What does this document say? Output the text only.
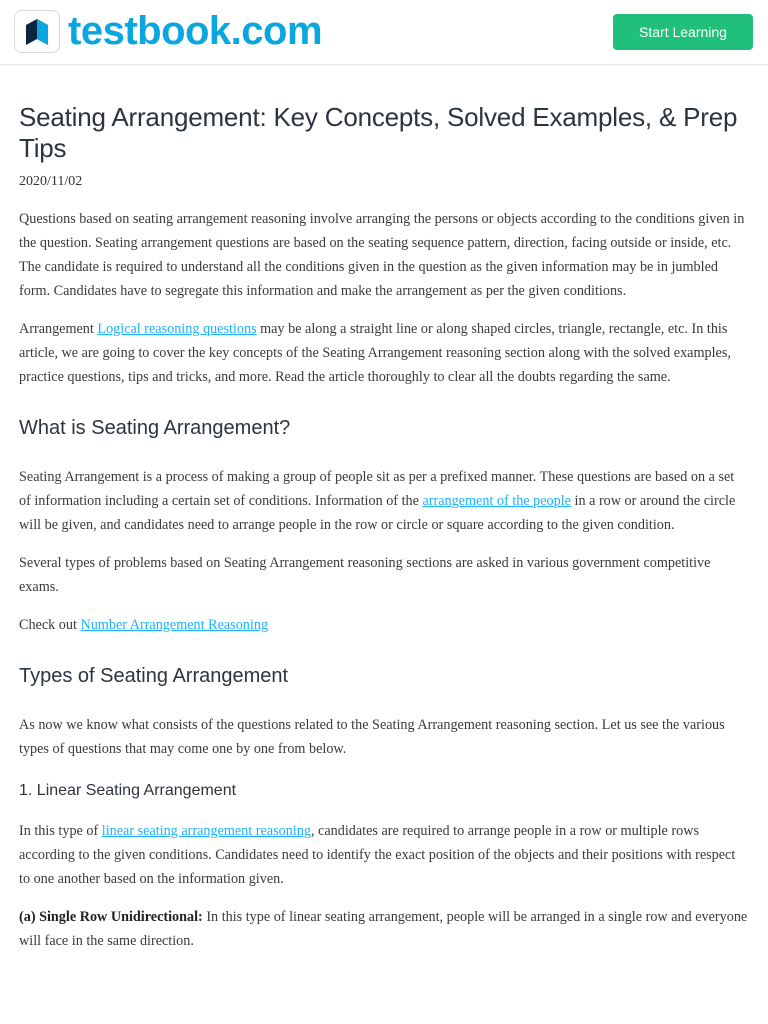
testbook.com	Start Learning
Seating Arrangement: Key Concepts, Solved Examples, & Prep Tips
2020/11/02

Questions based on seating arrangement reasoning involve arranging the persons or objects according to the conditions given in the question. Seating arrangement questions are based on the seating sequence pattern, direction, facing outside or inside, etc. The candidate is required to understand all the conditions given in the question as the given information may be in jumbled form. Candidates have to segregate this information and make the arrangement as per the given conditions.

Arrangement Logical reasoning questions may be along a straight line or along shaped circles, triangle, rectangle, etc. In this article, we are going to cover the key concepts of the Seating Arrangement reasoning section along with the solved examples, practice questions, tips and tricks, and more. Read the article thoroughly to clear all the doubts regarding the same.

What is Seating Arrangement?

Seating Arrangement is a process of making a group of people sit as per a prefixed manner. These questions are based on a set of information including a certain set of conditions. Information of the arrangement of the people in a row or around the circle will be given, and candidates need to arrange people in the row or circle or square according to the given condition.

Several types of problems based on Seating Arrangement reasoning sections are asked in various government competitive exams.

Check out Number Arrangement Reasoning

Types of Seating Arrangement

As now we know what consists of the questions related to the Seating Arrangement reasoning section. Let us see the various types of questions that may come one by one from below.

1. Linear Seating Arrangement

In this type of linear seating arrangement reasoning, candidates are required to arrange people in a row or multiple rows according to the given conditions. Candidates need to identify the exact position of the objects and their positions with respect to one another based on the information given.

(a) Single Row Unidirectional: In this type of linear seating arrangement, people will be arranged in a single row and everyone will face in the same direction.
